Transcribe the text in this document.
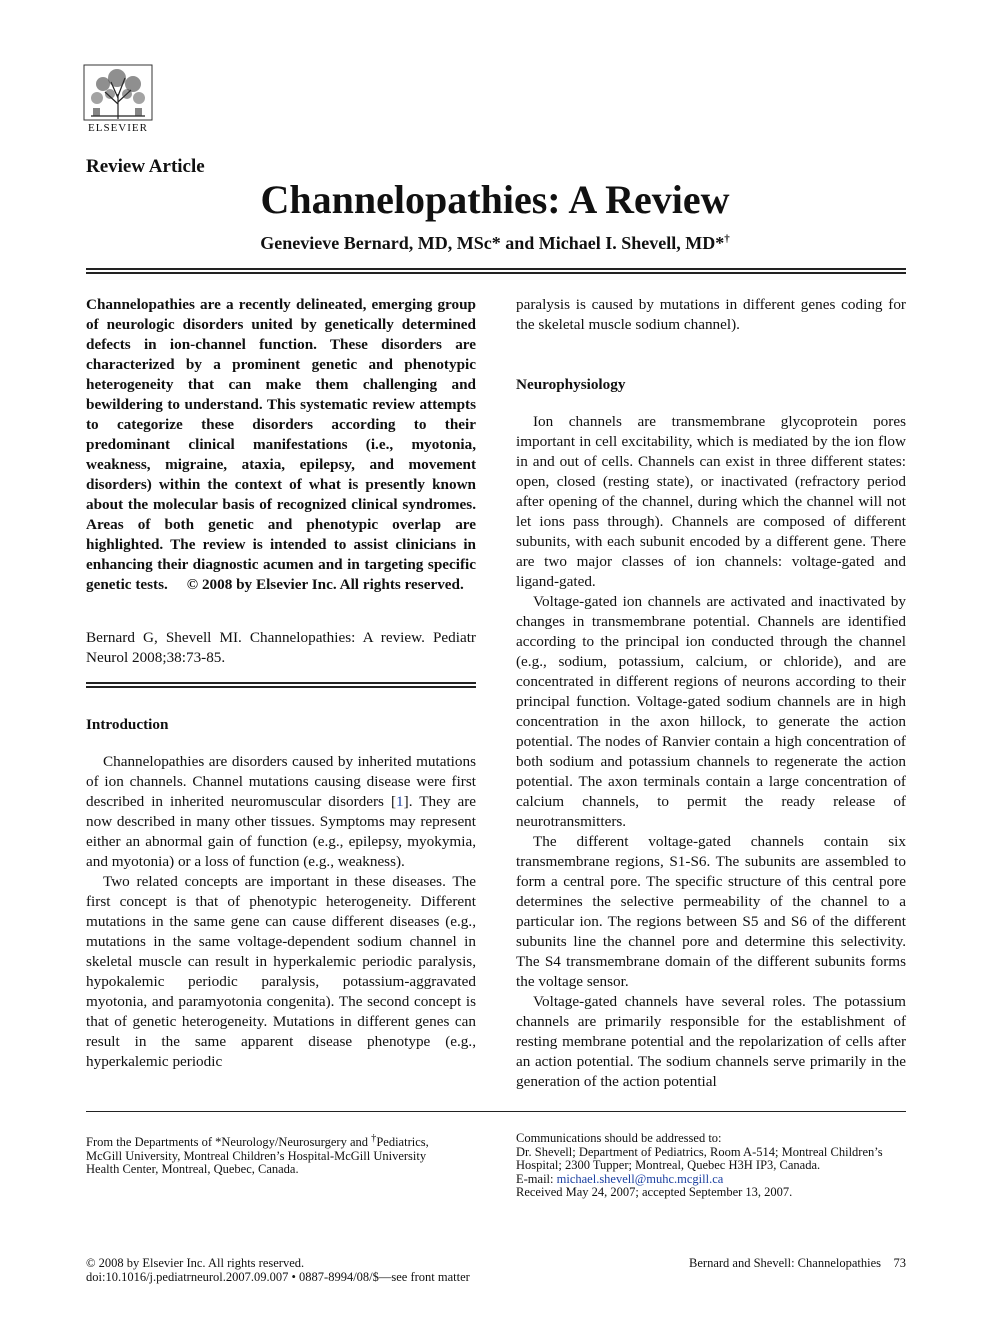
ELSEVIER
Review Article
Channelopathies: A Review
Genevieve Bernard, MD, MSc* and Michael I. Shevell, MD*†

Channelopathies are a recently delineated, emerging group of neurologic disorders united by genetically determined defects in ion-channel function. These disorders are characterized by a prominent genetic and phenotypic heterogeneity that can make them challenging and bewildering to understand. This systematic review attempts to categorize these disorders according to their predominant clinical manifestations (i.e., myotonia, weakness, migraine, ataxia, epilepsy, and movement disorders) within the context of what is presently known about the molecular basis of recognized clinical syndromes. Areas of both genetic and phenotypic overlap are highlighted. The review is intended to assist clinicians in enhancing their diagnostic acumen and in targeting specific genetic tests. © 2008 by Elsevier Inc. All rights reserved.

Bernard G, Shevell MI. Channelopathies: A review. Pediatr Neurol 2008;38:73-85.

Introduction

Channelopathies are disorders caused by inherited mutations of ion channels. Channel mutations causing disease were first described in inherited neuromuscular disorders [1]. They are now described in many other tissues. Symptoms may represent either an abnormal gain of function (e.g., epilepsy, myokymia, and myotonia) or a loss of function (e.g., weakness).

Two related concepts are important in these diseases. The first concept is that of phenotypic heterogeneity. Different mutations in the same gene can cause different diseases (e.g., mutations in the same voltage-dependent sodium channel in skeletal muscle can result in hyperkalemic periodic paralysis, hypokalemic periodic paralysis, potassium-aggravated myotonia, and paramyotonia congenita). The second concept is that of genetic heterogeneity. Mutations in different genes can result in the same apparent disease phenotype (e.g., hyperkalemic periodic

paralysis is caused by mutations in different genes coding for the skeletal muscle sodium channel).

Neurophysiology

Ion channels are transmembrane glycoprotein pores important in cell excitability, which is mediated by the ion flow in and out of cells. Channels can exist in three different states: open, closed (resting state), or inactivated (refractory period after opening of the channel, during which the channel will not let ions pass through). Channels are composed of different subunits, with each subunit encoded by a different gene. There are two major classes of ion channels: voltage-gated and ligand-gated.

Voltage-gated ion channels are activated and inactivated by changes in transmembrane potential. Channels are identified according to the principal ion conducted through the channel (e.g., sodium, potassium, calcium, or chloride), and are concentrated in different regions of neurons according to their principal function. Voltage-gated sodium channels are in high concentration in the axon hillock, to generate the action potential. The nodes of Ranvier contain a high concentration of both sodium and potassium channels to regenerate the action potential. The axon terminals contain a large concentration of calcium channels, to permit the ready release of neurotransmitters.

The different voltage-gated channels contain six transmembrane regions, S1-S6. The subunits are assembled to form a central pore. The specific structure of this central pore determines the selective permeability of the channel to a particular ion. The regions between S5 and S6 of the different subunits line the channel pore and determine this selectivity. The S4 transmembrane domain of the different subunits forms the voltage sensor.

Voltage-gated channels have several roles. The potassium channels are primarily responsible for the establishment of resting membrane potential and the repolarization of cells after an action potential. The sodium channels serve primarily in the generation of the action potential

From the Departments of *Neurology/Neurosurgery and †Pediatrics,
McGill University, Montreal Children’s Hospital-McGill University
Health Center, Montreal, Quebec, Canada.
Communications should be addressed to:
Dr. Shevell; Department of Pediatrics, Room A-514; Montreal Children’s
Hospital; 2300 Tupper; Montreal, Quebec H3H IP3, Canada.
E-mail: michael.shevell@muhc.mcgill.ca
Received May 24, 2007; accepted September 13, 2007.
© 2008 by Elsevier Inc. All rights reserved.
doi:10.1016/j.pediatrneurol.2007.09.007 • 0887-8994/08/$—see front matter
Bernard and Shevell: Channelopathies 73
